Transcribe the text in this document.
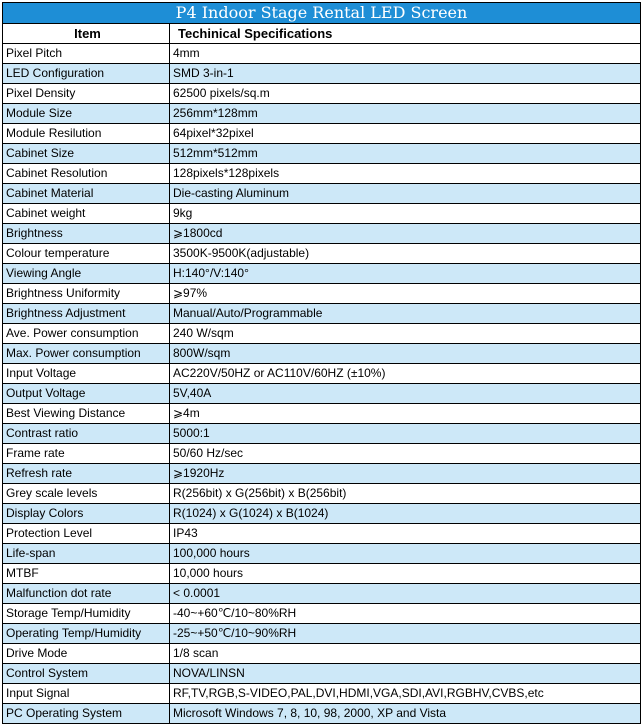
P4 Indoor Stage Rental LED Screen	
Item	Techinical Specifications
Pixel Pitch	4mm
LED Configuration	SMD 3-in-1
Pixel Density	62500 pixels/sq.m
Module Size	256mm*128mm
Module Resilution	64pixel*32pixel
Cabinet Size	512mm*512mm
Cabinet Resolution	128pixels*128pixels
Cabinet Material	Die-casting Aluminum
Cabinet weight	9kg
Brightness	⩾1800cd
Colour temperature	3500K-9500K(adjustable)
Viewing Angle	H:140°/V:140°
Brightness Uniformity	⩾97%
Brightness Adjustment	Manual/Auto/Programmable
Ave. Power consumption	240 W/sqm
Max. Power consumption	800W/sqm
Input Voltage	AC220V/50HZ or AC110V/60HZ (±10%)
Output Voltage	5V,40A
Best Viewing Distance	⩾4m
Contrast ratio	5000:1
Frame rate	50/60 Hz/sec
Refresh rate	⩾1920Hz
Grey scale levels	R(256bit) x G(256bit) x B(256bit)
Display Colors	R(1024) x G(1024) x B(1024)
Protection Level	IP43
Life-span	100,000 hours
MTBF	10,000 hours
Malfunction dot rate	< 0.0001
Storage Temp/Humidity	-40~+60℃/10~80%RH
Operating Temp/Humidity	-25~+50℃/10~90%RH
Drive Mode	1/8 scan
Control System	NOVA/LINSN
Input Signal	RF,TV,RGB,S-VIDEO,PAL,DVI,HDMI,VGA,SDI,AVI,RGBHV,CVBS,etc
PC Operating System	Microsoft Windows 7, 8, 10, 98, 2000, XP and Vista
